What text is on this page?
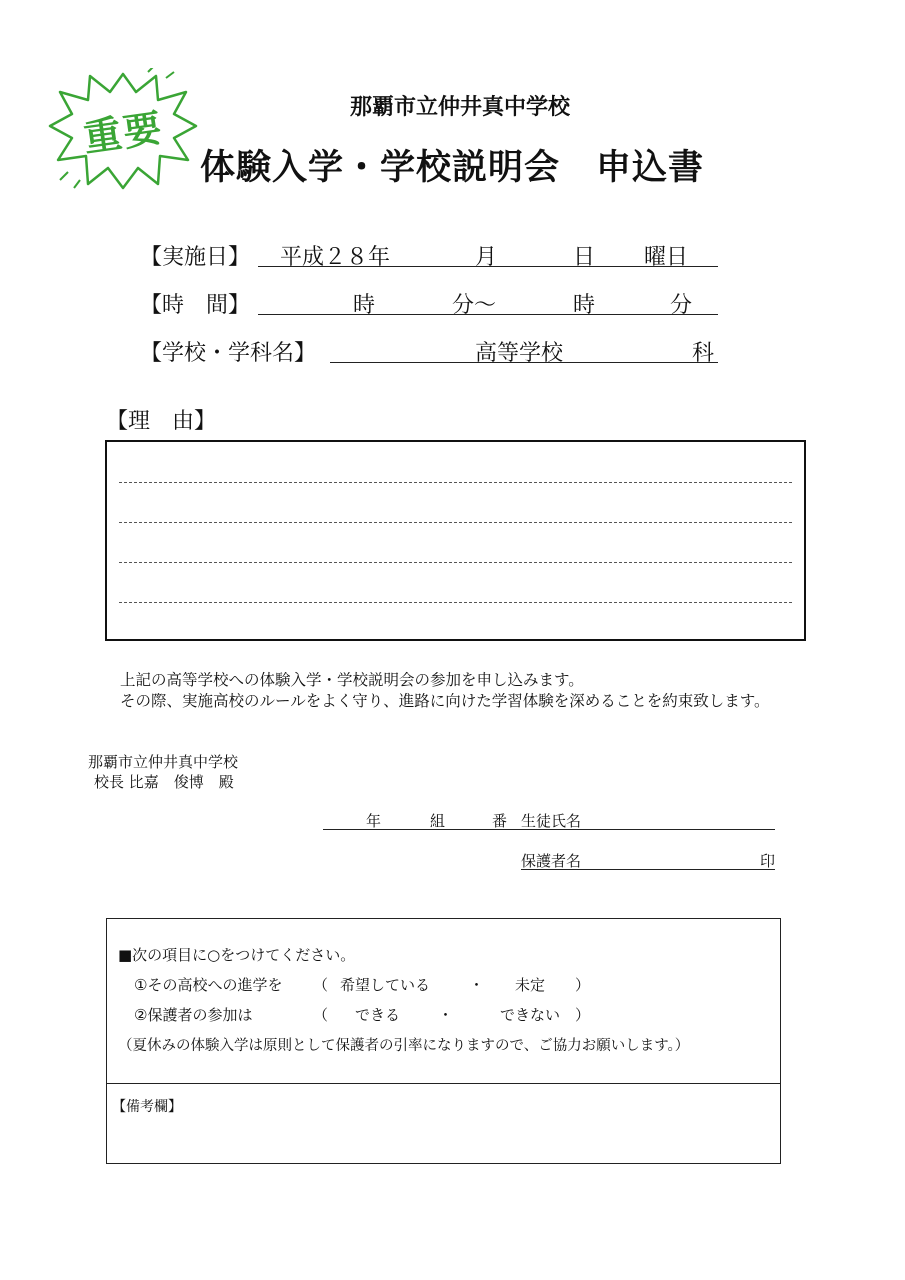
重要	那覇市立仲井真中学校
体験入学・学校説明会　申込書
【実施日】 平成２８年	月	日 曜日
【時　間】	時	分～	時	分
【学校・学科名】	高等学校	科
【理　由】
上記の高等学校への体験入学・学校説明会の参加を申し込みます。
その際、実施高校のルールをよく守り、進路に向けた学習体験を深めることを約束致します。
那覇市立仲井真中学校
校長 比嘉　俊博　殿
年	組	番 生徒氏名
保護者名	印
■次の項目に○をつけてください。
①その高校への進学を （ 希望している	・ 未定 ）
②保護者の参加は	（ できる	・	できない ）
（夏休みの体験入学は原則として保護者の引率になりますので、ご協力お願いします。）
【備考欄】
